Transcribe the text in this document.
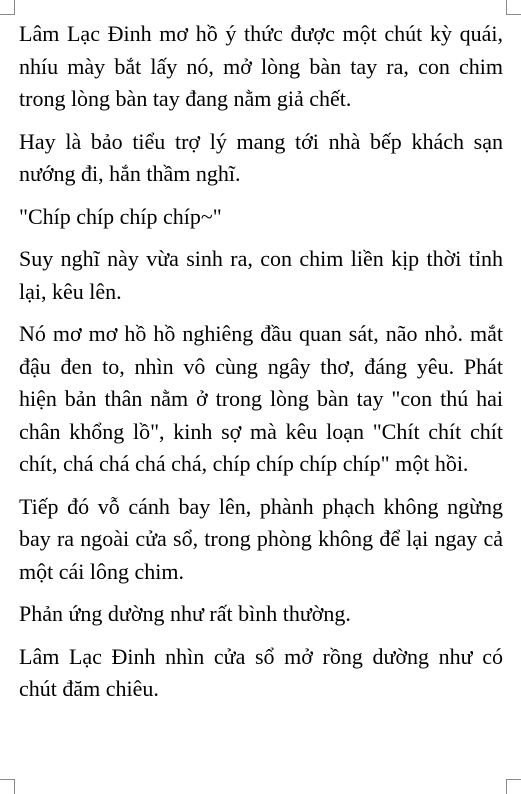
Lâm Lạc Đinh mơ hồ ý thức được một chút kỳ quái, nhíu mày bắt lấy nó, mở lòng bàn tay ra, con chim trong lòng bàn tay đang nằm giả chết.

Hay là bảo tiểu trợ lý mang tới nhà bếp khách sạn nướng đi, hắn thầm nghĩ.

"Chíp chíp chíp chíp~"

Suy nghĩ này vừa sinh ra, con chim liền kịp thời tỉnh lại, kêu lên.

Nó mơ mơ hồ hồ nghiêng đầu quan sát, não nhỏ. mắt đậu đen to, nhìn vô cùng ngây thơ, đáng yêu. Phát hiện bản thân nằm ở trong lòng bàn tay "con thú hai chân khổng lồ", kinh sợ mà kêu loạn "Chít chít chít chít, chá chá chá chá, chíp chíp chíp chíp" một hồi.

Tiếp đó vỗ cánh bay lên, phành phạch không ngừng bay ra ngoài cửa sổ, trong phòng không để lại ngay cả một cái lông chim.

Phản ứng dường như rất bình thường.

Lâm Lạc Đinh nhìn cửa sổ mở rồng dường như có chút đăm chiêu.
